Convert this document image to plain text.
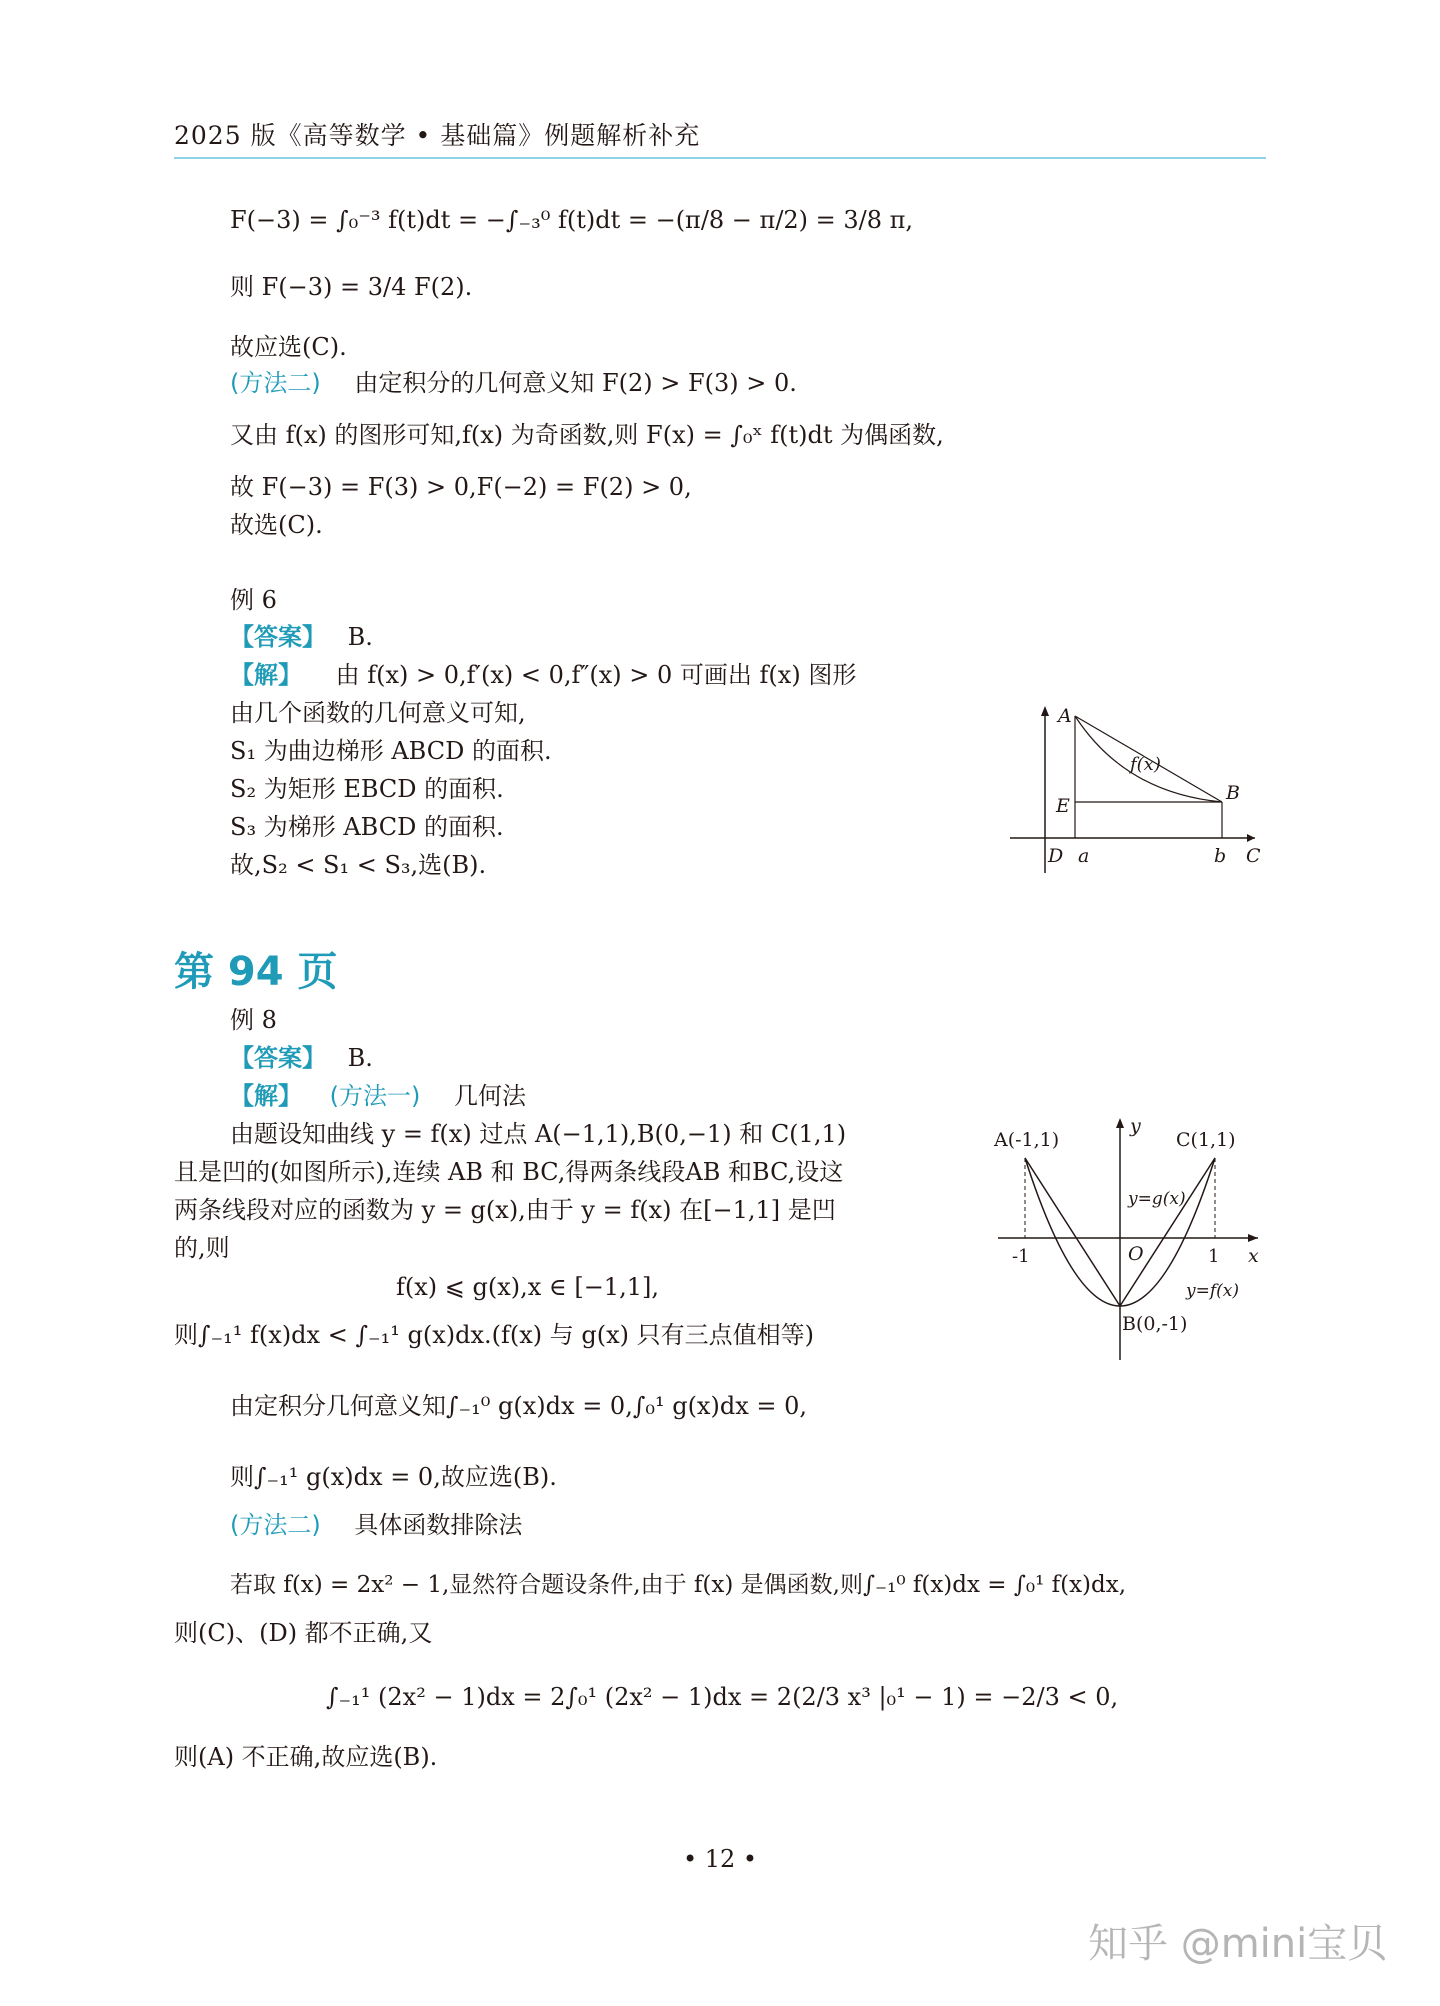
2025 版《高等数学 • 基础篇》例题解析补充
F(−3) = ∫₀⁻³ f(t)dt = −∫₋₃⁰ f(t)dt = −(π/8 − π/2) = 3/8 π,
则 F(−3) = 3/4 F(2).
故应选(C).
(方法二) 由定积分的几何意义知 F(2) > F(3) > 0.
又由 f(x) 的图形可知,f(x) 为奇函数,则 F(x) = ∫₀ˣ f(t)dt 为偶函数,
故 F(−3) = F(3) > 0,F(−2) = F(2) > 0,
故选(C).
例 6
【答案】 B.
【解】 由 f(x) > 0,f′(x) < 0,f″(x) > 0 可画出 f(x) 图形
由几个函数的几何意义可知,
S₁ 为曲边梯形 ABCD 的面积.
S₂ 为矩形 EBCD 的面积.
S₃ 为梯形 ABCD 的面积.
故,S₂ < S₁ < S₃,选(B).
A
B
E
f(x)
D a	b C
第 94 页
例 8
【答案】 B.
【解】 (方法一) 几何法
由题设知曲线 y = f(x) 过点 A(−1,1),B(0,−1) 和 C(1,1)
且是凹的(如图所示),连续 AB 和 BC,得两条线段AB 和BC,设这
两条线段对应的函数为 y = g(x),由于 y = f(x) 在[−1,1] 是凹
的,则
f(x) ⩽ g(x),x ∈ [−1,1],
则∫₋₁¹ f(x)dx < ∫₋₁¹ g(x)dx.(f(x) 与 g(x) 只有三点值相等)
由定积分几何意义知∫₋₁⁰ g(x)dx = 0,∫₀¹ g(x)dx = 0,
则∫₋₁¹ g(x)dx = 0,故应选(B).
(方法二) 具体函数排除法
若取 f(x) = 2x² − 1,显然符合题设条件,由于 f(x) 是偶函数,则∫₋₁⁰ f(x)dx = ∫₀¹ f(x)dx,
则(C)、(D) 都不正确,又
∫₋₁¹ (2x² − 1)dx = 2∫₀¹ (2x² − 1)dx = 2(2/3 x³ |₀¹ − 1) = −2/3 < 0,
则(A) 不正确,故应选(B).
A(-1,1)	C(1,1)
B(0,-1)
O	x
y
-1	1
y=g(x)
y=f(x)
• 12 •
知乎 @mini宝贝
